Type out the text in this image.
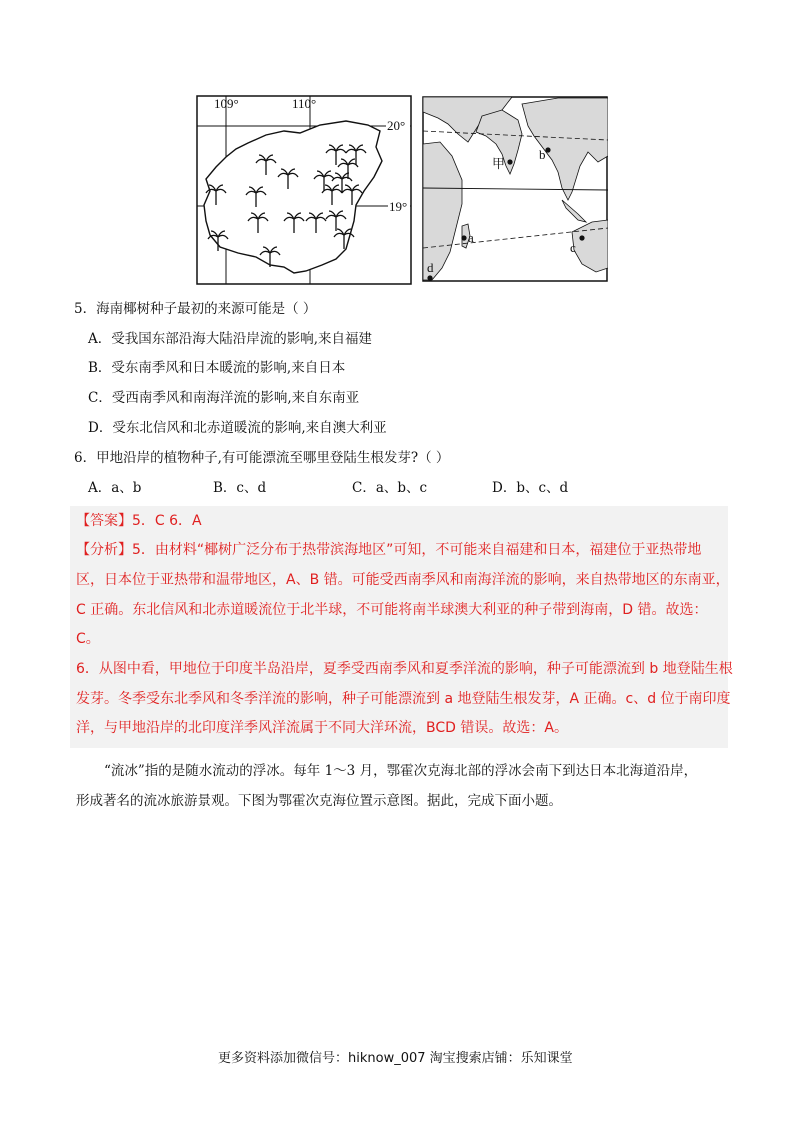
109°	110°
20°
19°
甲
b
a
c
d
5．海南椰树种子最初的来源可能是（ ）
A．受我国东部沿海大陆沿岸流的影响,来自福建
B．受东南季风和日本暖流的影响,来自日本
C．受西南季风和南海洋流的影响,来自东南亚
D．受东北信风和北赤道暖流的影响,来自澳大利亚
6．甲地沿岸的植物种子,有可能漂流至哪里登陆生根发芽?（ ）
A．a、b	B．c、d	C．a、b、c	D．b、c、d
【答案】5．C 6．A
【分析】5．由材料“椰树广泛分布于热带滨海地区”可知，不可能来自福建和日本，福建位于亚热带地
区，日本位于亚热带和温带地区，A、B 错。可能受西南季风和南海洋流的影响，来自热带地区的东南亚，
C 正确。东北信风和北赤道暖流位于北半球，不可能将南半球澳大利亚的种子带到海南，D 错。故选：
C。
6．从图中看，甲地位于印度半岛沿岸，夏季受西南季风和夏季洋流的影响，种子可能漂流到 b 地登陆生根
发芽。冬季受东北季风和冬季洋流的影响，种子可能漂流到 a 地登陆生根发芽，A 正确。c、d 位于南印度
洋，与甲地沿岸的北印度洋季风洋流属于不同大洋环流，BCD 错误。故选：A。
“流冰”指的是随水流动的浮冰。每年 1～3 月，鄂霍次克海北部的浮冰会南下到达日本北海道沿岸，
形成著名的流冰旅游景观。下图为鄂霍次克海位置示意图。据此，完成下面小题。
更多资料添加微信号：hiknow_007 淘宝搜索店铺：乐知课堂
